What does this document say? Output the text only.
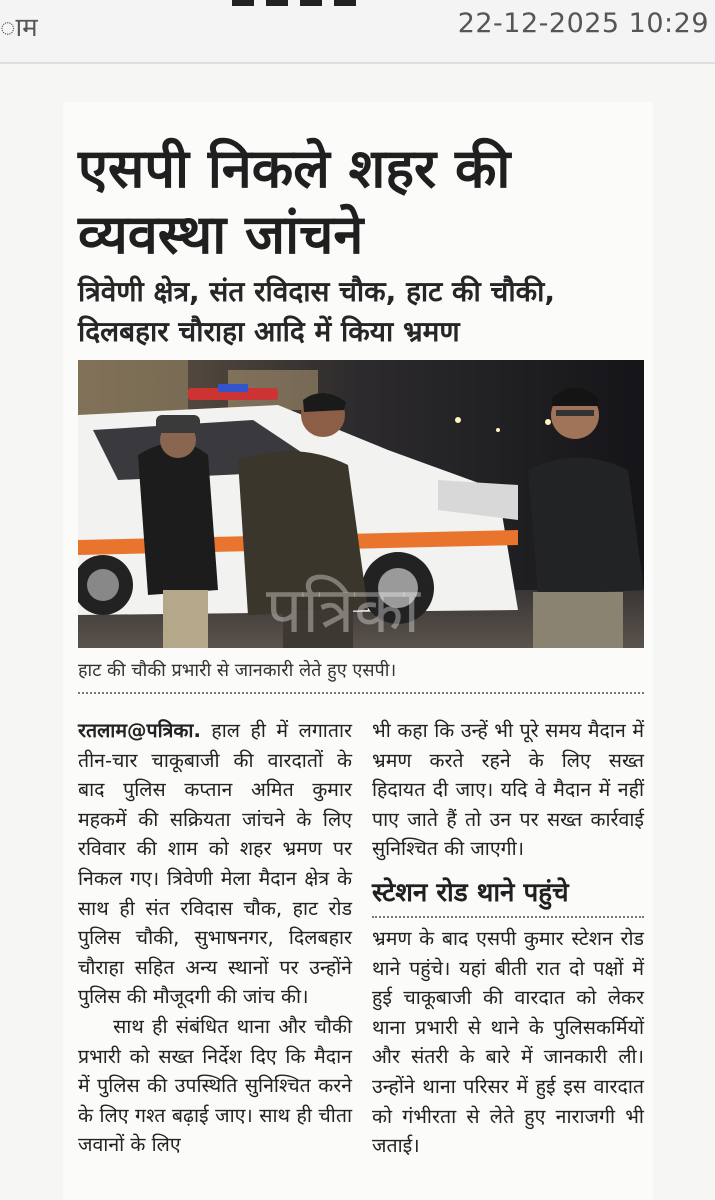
ाम	22-12-2025 10:29
एसपी निकले शहर की व्यवस्था जांचने
त्रिवेणी क्षेत्र, संत रविदास चौक, हाट की चौकी, दिलबहार चौराहा आदि में किया भ्रमण
पत्रिका
हाट की चौकी प्रभारी से जानकारी लेते हुए एसपी।

रतलाम@पत्रिका. हाल ही में लगातार तीन-चार चाकूबाजी की वारदातों के बाद पुलिस कप्तान अमित कुमार महकमें की सक्रियता जांचने के लिए रविवार की शाम को शहर भ्रमण पर निकल गए। त्रिवेणी मेला मैदान क्षेत्र के साथ ही संत रविदास चौक, हाट रोड पुलिस चौकी, सुभाषनगर, दिलबहार चौराहा सहित अन्य स्थानों पर उन्होंने पुलिस की मौजूदगी की जांच की।

साथ ही संबंधित थाना और चौकी प्रभारी को सख्त निर्देश दिए कि मैदान में पुलिस की उपस्थिति सुनिश्चित करने के लिए गश्त बढ़ाई जाए। साथ ही चीता जवानों के लिए

भी कहा कि उन्हें भी पूरे समय मैदान में भ्रमण करते रहने के लिए सख्त हिदायत दी जाए। यदि वे मैदान में नहीं पाए जाते हैं तो उन पर सख्त कार्रवाई सुनिश्चित की जाएगी।

स्टेशन रोड थाने पहुंचे

भ्रमण के बाद एसपी कुमार स्टेशन रोड थाने पहुंचे। यहां बीती रात दो पक्षों में हुई चाकूबाजी की वारदात को लेकर थाना प्रभारी से थाने के पुलिसकर्मियों और संतरी के बारे में जानकारी ली। उन्होंने थाना परिसर में हुई इस वारदात को गंभीरता से लेते हुए नाराजगी भी जताई।
